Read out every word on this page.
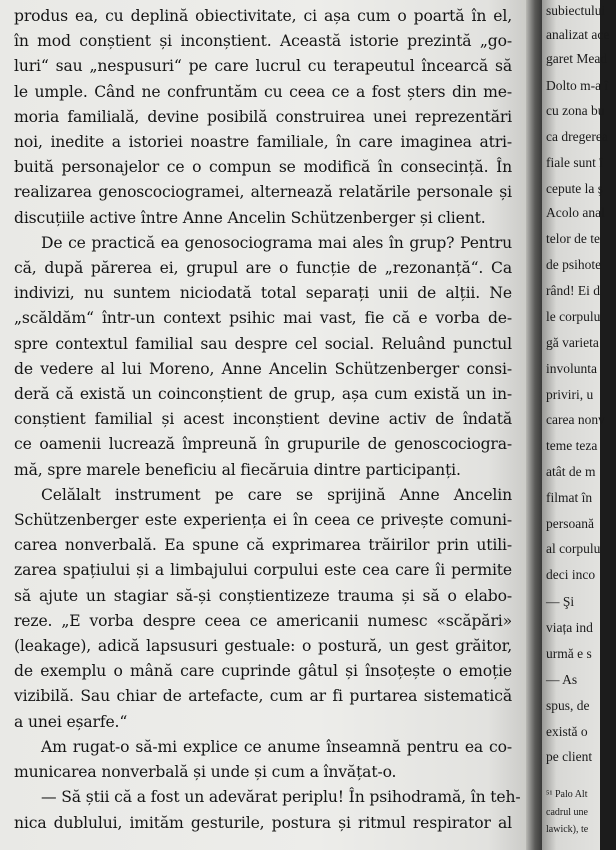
produs ea, cu deplină obiectivitate, ci așa cum o poartă în el,
în mod conștient și inconștient. Această istorie prezintă „go-
luri“ sau „nespusuri“ pe care lucrul cu terapeutul încearcă să
le umple. Când ne confruntăm cu ceea ce a fost șters din me-
moria familială, devine posibilă construirea unei reprezentări
noi, inedite a istoriei noastre familiale, în care imaginea atri-
buită personajelor ce o compun se modifică în consecință. În
realizarea genoscociogramei, alternează relatările personale și
discuțiile active între Anne Ancelin Schützenberger și client.
De ce practică ea genosociograma mai ales în grup? Pentru
că, după părerea ei, grupul are o funcție de „rezonanță“. Ca
indivizi, nu suntem niciodată total separați unii de alții. Ne
„scăldăm“ într-un context psihic mai vast, fie că e vorba de-
spre contextul familial sau despre cel social. Reluând punctul
de vedere al lui Moreno, Anne Ancelin Schützenberger consi-
deră că există un coinconștient de grup, așa cum există un in-
conștient familial și acest inconștient devine activ de îndată
ce oamenii lucrează împreună în grupurile de genoscociogra-
mă, spre marele beneficiu al fiecăruia dintre participanți.
Celălalt instrument pe care se sprijină Anne Ancelin
Schützenberger este experiența ei în ceea ce privește comuni-
carea nonverbală. Ea spune că exprimarea trăirilor prin utili-
zarea spațiului și a limbajului corpului este cea care îi permite
să ajute un stagiar să-și conștientizeze trauma și să o elabo-
reze. „E vorba despre ceea ce americanii numesc «scăpări»
(leakage), adică lapsusuri gestuale: o postură, un gest grăitor,
de exemplu o mână care cuprinde gâtul și însoțește o emoție
vizibilă. Sau chiar de artefacte, cum ar fi purtarea sistematică
a unei eșarfe.“
Am rugat-o să-mi explice ce anume înseamnă pentru ea co-
municarea nonverbală și unde și cum a învățat-o.
— Să știi că a fost un adevărat periplu! În psihodramă, în teh-
nica dublului, imităm gesturile, postura și ritmul respirator al
subiectului
analizat ace
garet Mead
Dolto m-a î
cu zona bu
ca dregerea
fiale sunt î
cepute la ş
Acolo anal
telor de te
de psihote
rând! Ei d
le corpulu
gă varieta
involunta
priviri, u
carea nonv
teme teza
atât de m
filmat în
persoană
al corpulu
deci inco
— Şi
viața ind
urmă e s
— As
spus, de
există o
pe client
⁵¹ Palo Alt
cadrul une
lawick), te
